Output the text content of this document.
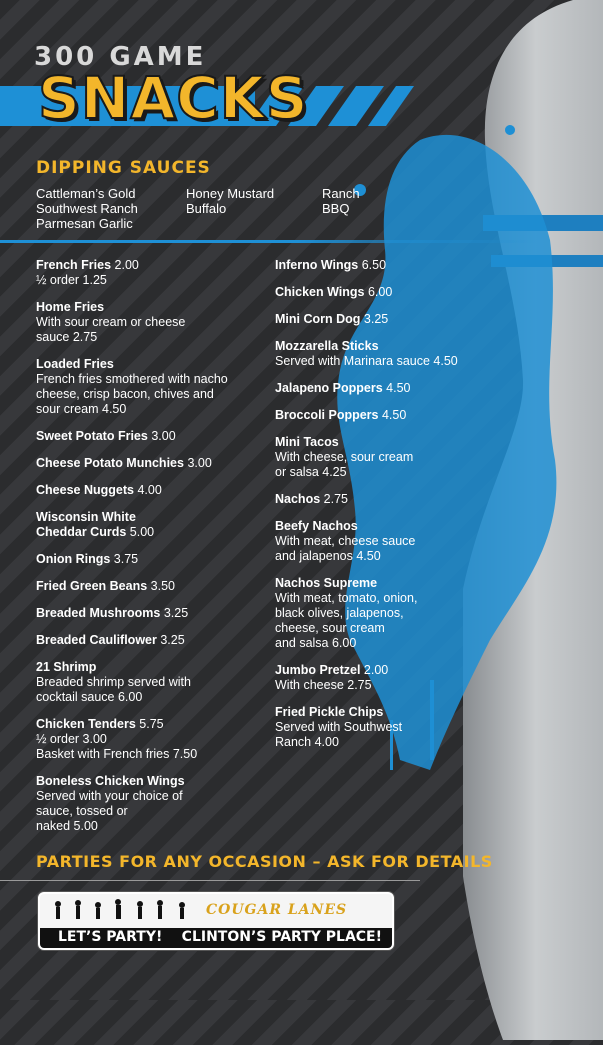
300 GAME
SNACKS
DIPPING SAUCES
Cattleman’s Gold
Southwest Ranch
Parmesan Garlic
Honey Mustard
Buffalo
Ranch
BBQ
French Fries 2.00
½ order 1.25
Home Fries
With sour cream or cheese
sauce 2.75
Loaded Fries
French fries smothered with nacho
cheese, crisp bacon, chives and
sour cream 4.50
Sweet Potato Fries 3.00
Cheese Potato Munchies 3.00
Cheese Nuggets 4.00
Wisconsin White
Cheddar Curds 5.00
Onion Rings 3.75
Fried Green Beans 3.50
Breaded Mushrooms 3.25
Breaded Cauliflower 3.25
21 Shrimp
Breaded shrimp served with
cocktail sauce 6.00
Chicken Tenders 5.75
½ order 3.00
Basket with French fries 7.50
Boneless Chicken Wings
Served with your choice of
sauce, tossed or
naked 5.00
Inferno Wings 6.50
Chicken Wings 6.00
Mini Corn Dog 3.25
Mozzarella Sticks
Served with Marinara sauce 4.50
Jalapeno Poppers 4.50
Broccoli Poppers 4.50
Mini Tacos
With cheese, sour cream
or salsa 4.25
Nachos 2.75
Beefy Nachos
With meat, cheese sauce
and jalapenos 4.50
Nachos Supreme
With meat, tomato, onion,
black olives, jalapenos,
cheese, sour cream
and salsa 6.00
Jumbo Pretzel 2.00
With cheese 2.75
Fried Pickle Chips
Served with Southwest
Ranch 4.00
PARTIES FOR ANY OCCASION – ASK FOR DETAILS
COUGAR LANES
LET’S PARTY! CLINTON’S PARTY PLACE!
